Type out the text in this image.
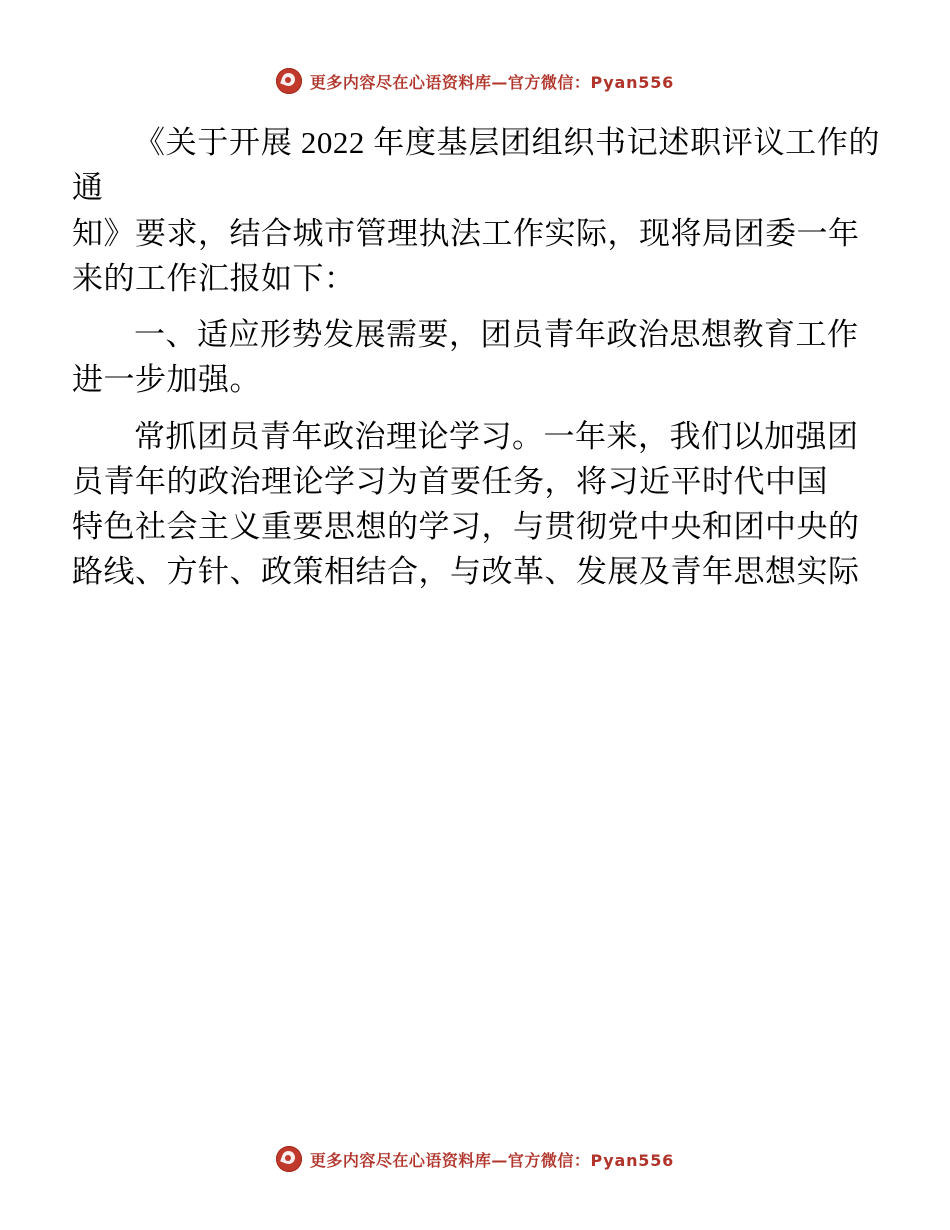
更多内容尽在心语资料库—官方微信：Pyan556

《关于开展 2022 年度基层团组织书记述职评议工作的通
知》要求，结合城市管理执法工作实际，现将局团委一年
来的工作汇报如下：

一、适应形势发展需要，团员青年政治思想教育工作
进一步加强。

常抓团员青年政治理论学习。一年来，我们以加强团
员青年的政治理论学习为首要任务，将习近平时代中国
特色社会主义重要思想的学习，与贯彻党中央和团中央的
路线、方针、政策相结合，与改革、发展及青年思想实际

更多内容尽在心语资料库—官方微信：Pyan556
